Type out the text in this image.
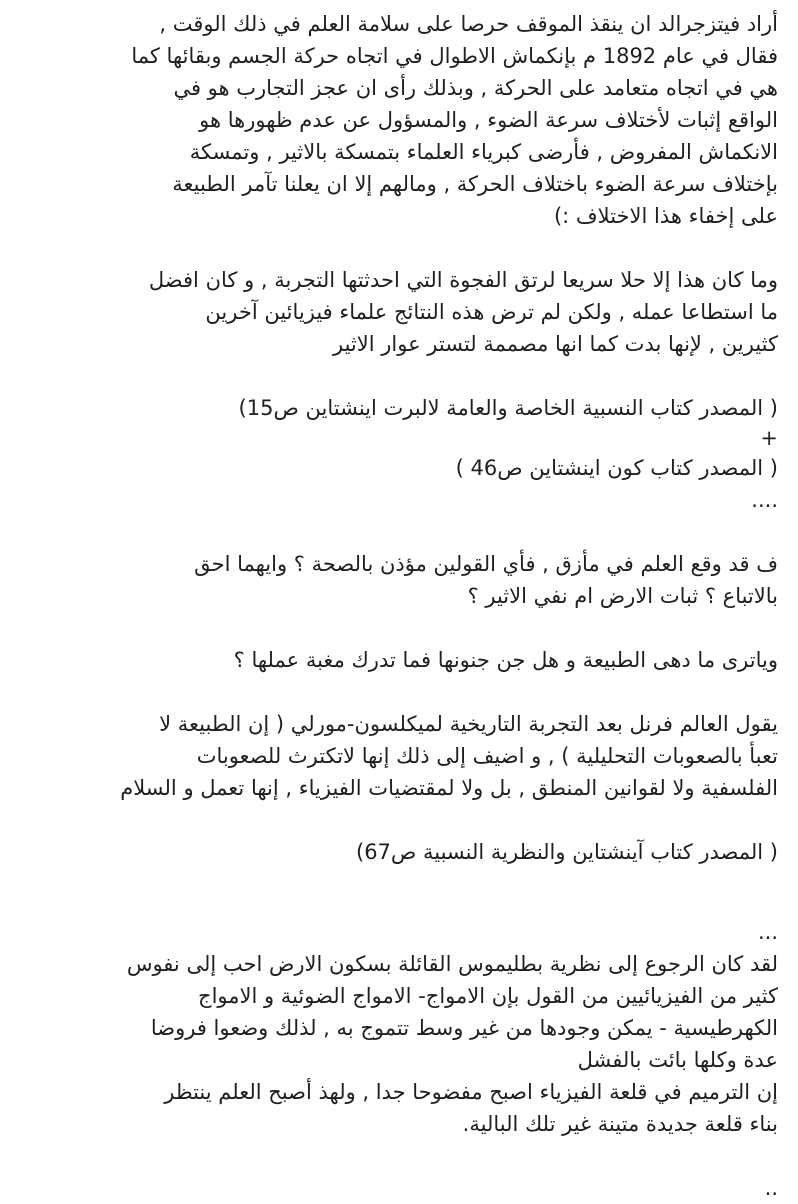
أراد فيتزجرالد ان ينقذ الموقف حرصا على سلامة العلم في ذلك الوقت ,
فقال في عام 1892 م بإنكماش الاطوال في اتجاه حركة الجسم وبقائها كما
هي في اتجاه متعامد على الحركة , وبذلك رأى ان عجز التجارب هو في
الواقع إثبات لأختلاف سرعة الضوء , والمسؤول عن عدم ظهورها هو
الانكماش المفروض , فأرضى كبرياء العلماء بتمسكة بالاثير , وتمسكة
بإختلاف سرعة الضوء باختلاف الحركة , ومالهم إلا ان يعلنا تآمر الطبيعة
على إخفاء هذا الاختلاف :)
وما كان هذا إلا حلا سريعا لرتق الفجوة التي احدثتها التجربة , و كان افضل
ما استطاعا عمله , ولكن لم ترض هذه النتائج علماء فيزيائين آخرين
كثيرين , لإنها بدت كما انها مصممة لتستر عوار الاثير
( المصدر كتاب النسبية الخاصة والعامة لالبرت اينشتاين ص15)
+
( المصدر كتاب كون اينشتاين ص46 )
....
ف قد وقع العلم في مأزق , فأي القولين مؤذن بالصحة ؟ وايهما احق
بالاتباع ؟ ثبات الارض ام نفي الاثير ؟
وياترى ما دهى الطبيعة و هل جن جنونها فما تدرك مغبة عملها ؟
يقول العالم فرنل بعد التجربة التاريخية لميكلسون-مورلي ( إن الطبيعة لا
تعبأ بالصعوبات التحليلية ) , و اضيف إلى ذلك إنها لاتكترث للصعوبات
الفلسفية ولا لقوانين المنطق , بل ولا لمقتضيات الفيزياء , إنها تعمل و السلام
( المصدر كتاب آينشتاين والنظرية النسبية ص67)
...
لقد كان الرجوع إلى نظرية بطليموس القائلة بسكون الارض احب إلى نفوس
كثير من الفيزيائيين من القول بإن الامواج- الامواج الضوئية و الامواج
الكهرطيسية - يمكن وجودها من غير وسط تتموج به , لذلك وضعوا فروضا
عدة وكلها بائت بالفشل
إن الترميم في قلعة الفيزياء اصبح مفضوحا جدا , ولهذ أصبح العلم ينتظر
بناء قلعة جديدة متينة غير تلك البالية.
..
